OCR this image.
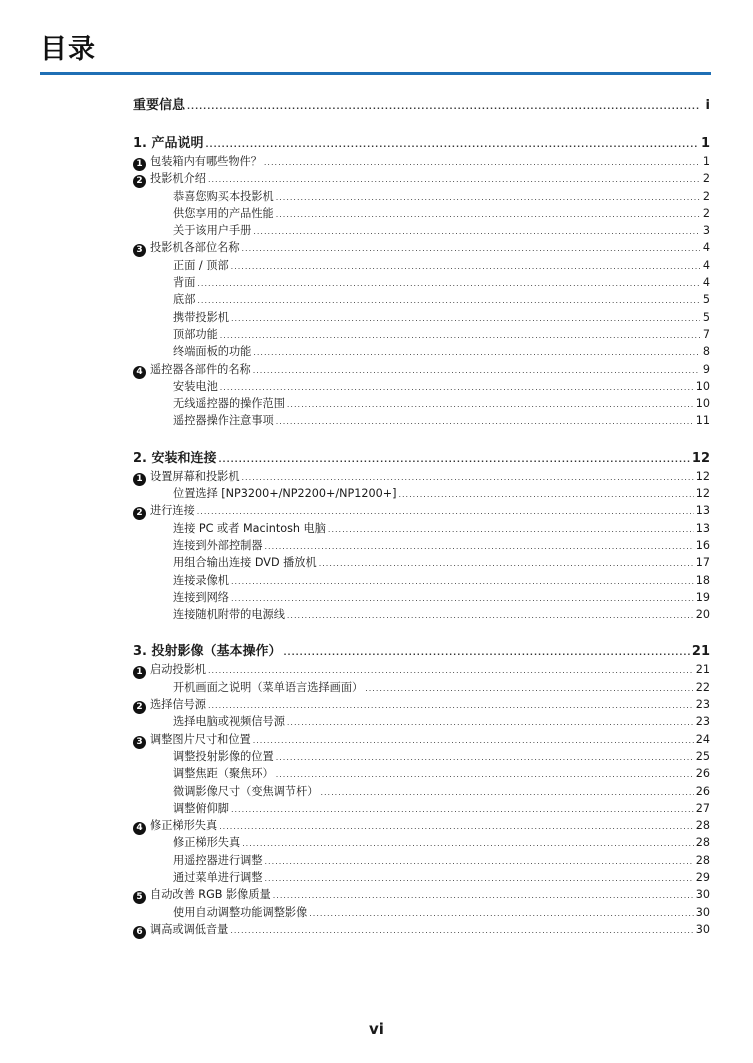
目录
重要信息 .....	i
1. 产品说明 .....	1
1 包装箱内有哪些物件？ .....	1
2 投影机介绍 .....	2
恭喜您购买本投影机 .....	2
供您享用的产品性能 .....	2
关于该用户手册 .....	3
3 投影机各部位名称 .....	4
正面 / 顶部 .....	4
背面 .....	4
底部 .....	5
携带投影机 .....	5
顶部功能 .....	7
终端面板的功能 .....	8
4 遥控器各部件的名称 .....	9
安装电池 .....	10
无线遥控器的操作范围 .....	10
遥控器操作注意事项 .....	11
2. 安装和连接 .....	12
1 设置屏幕和投影机 .....	12
位置选择 [NP3200+/NP2200+/NP1200+] .....	12
2 进行连接 .....	13
连接 PC 或者 Macintosh 电脑 .....	13
连接到外部控制器 .....	16
用组合输出连接 DVD 播放机 .....	17
连接录像机 .....	18
连接到网络 .....	19
连接随机附带的电源线 .....	20
3. 投射影像（基本操作） .....	21
1 启动投影机 .....	21
开机画面之说明（菜单语言选择画面） .....	22
2 选择信号源 .....	23
选择电脑或视频信号源 .....	23
3 调整图片尺寸和位置 .....	24
调整投射影像的位置 .....	25
调整焦距（聚焦环） .....	26
微调影像尺寸（变焦调节杆） .....	26
调整俯仰脚 .....	27
4 修正梯形失真 .....	28
修正梯形失真 .....	28
用遥控器进行调整 .....	28
通过菜单进行调整 .....	29
5 自动改善 RGB 影像质量 .....	30
使用自动调整功能调整影像 .....	30
6 调高或调低音量 .....	30
vi
